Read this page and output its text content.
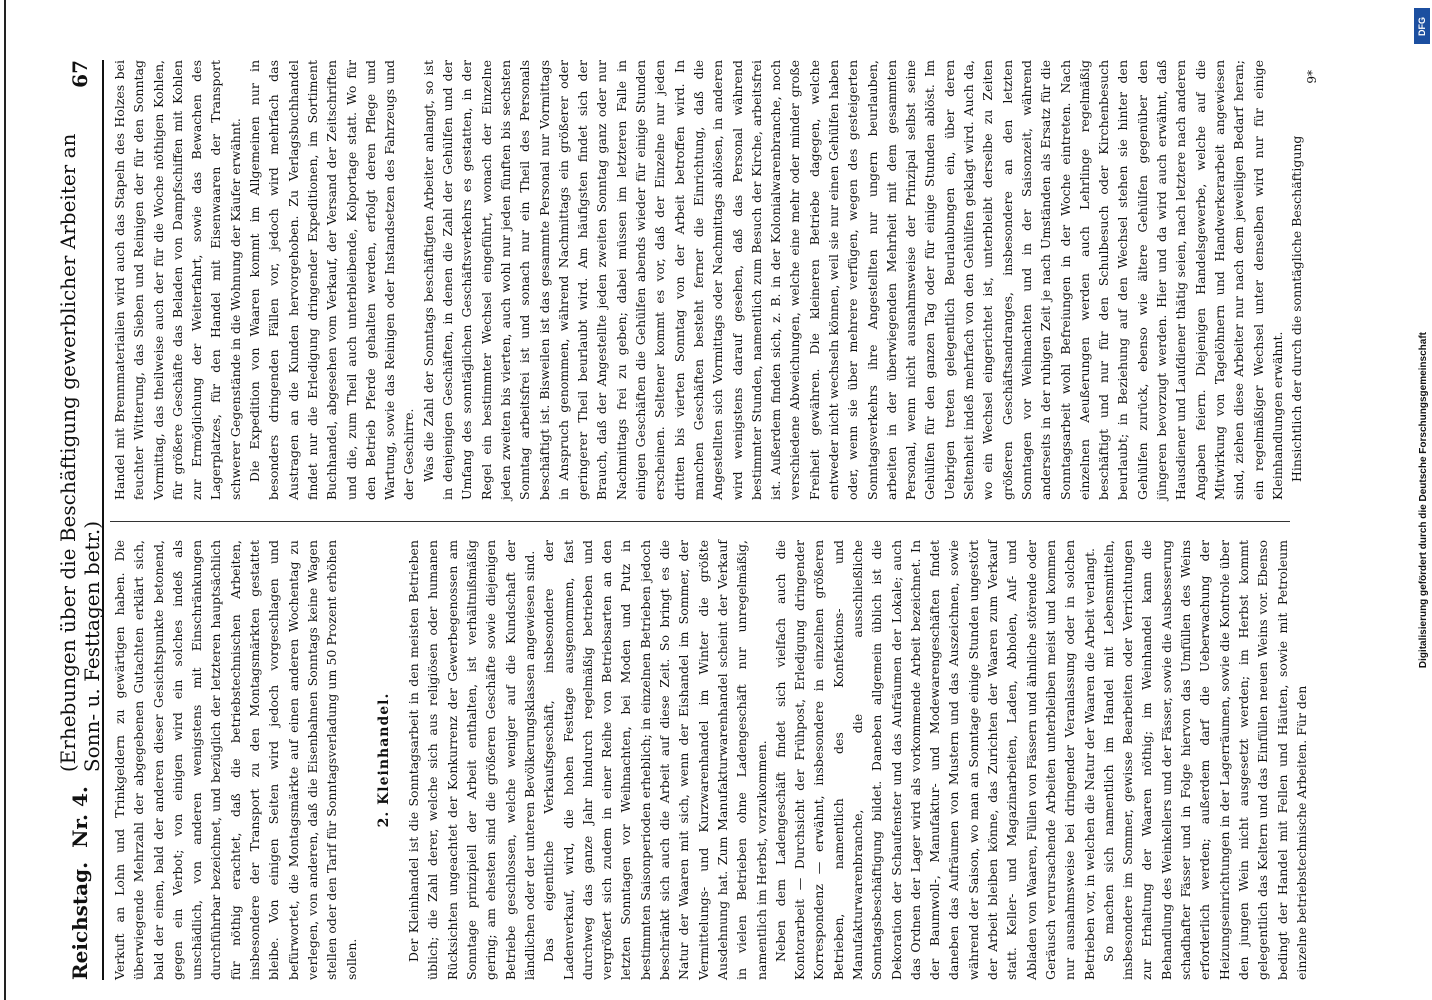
Reichstag.
Nr. 4.
(Erhebungen über die Beschäftigung gewerblicher Arbeiter an Sonn- u. Festtagen betr.)
67

Verkuft an Lohn und Trinkgeldern zu gewärtigen haben. Die überwiegende Mehrzahl der abgegebenen Gutachten erklärt sich, bald der einen, bald der anderen dieser Gesichtspunkte betonend, gegen ein Verbot; von einigen wird ein solches indeß als unschädlich, von anderen wenigstens mit Einschränkungen durchführbar bezeichnet, und bezüglich der letzteren hauptsächlich für nöthig erachtet, daß die betriebstechnischen Arbeiten, insbesondere der Transport zu den Montagsmärkten gestattet bleibe. Von einigen Seiten wird jedoch vorgeschlagen und befürwortet, die Montagsmärkte auf einen anderen Wochentag zu verlegen, von anderen, daß die Eisenbahnen Sonntags keine Wagen stellen oder den Tarif für Sonntagsverladung um 50 Prozent erhöhen sollen.

2. Kleinhandel. Der Kleinhandel ist die Sonntagsarbeit in den meisten Betrieben üblich; die Zahl derer, welche sich aus religiösen oder humanen Rücksichten ungeachtet der Konkurrenz der Gewerbegenossen am Sonntage prinzipiell der Arbeit enthalten, ist verhältnißmäßig gering; am ehesten sind die größeren Geschäfte sowie diejenigen Betriebe geschlossen, welche weniger auf die Kundschaft der ländlichen oder der unteren Bevölkerungsklassen angewiesen sind. Das eigentliche Verkaufsgeschäft, insbesondere der Ladenverkauf, wird, die hohen Festtage ausgenommen, fast durchweg das ganze Jahr hindurch regelmäßig betrieben und vergrößert sich zudem in einer Reihe von Betriebsarten an den letzten Sonntagen vor Weihnachten, bei Moden und Putz in bestimmten Saisonperioden erheblich; in einzelnen Betrieben jedoch beschränkt sich auch die Arbeit auf diese Zeit. So bringt es die Natur der Waaren mit sich, wenn der Eishandel im Sommer, der Vermittelungs- und Kurzwarenhandel im Winter die größte Ausdehnung hat. Zum Manufakturwarenhandel scheint der Verkauf in vielen Betrieben ohne Ladengeschäft nur unregelmäßig, namentlich im Herbst, vorzukommen. Neben dem Ladengeschäft findet sich vielfach auch die Kontorarbeit — Durchsicht der Frühpost, Erledigung dringender Korrespondenz — erwähnt, insbesondere in einzelnen größeren Betrieben, namentlich des Konfektions- und Manufakturwarenbranche, die ausschließliche Sonntagsbeschäftigung bildet. Daneben allgemein üblich ist die Dekoration der Schaufenster und das Aufräumen der Lokale; auch das Ordnen der Lager wird als vorkommende Arbeit bezeichnet. In der Baumwoll-, Manufaktur- und Modewarengeschäften findet daneben das Aufräumen von Mustern und das Auszeichnen, sowie während der Saison, wo man an Sonntage einige Stunden ungestört der Arbeit bleiben könne, das Zurichten der Waaren zum Verkauf statt. Keller- und Magazinarbeiten, Laden, Abholen, Auf- und Abladen von Waaren, Füllen von Fässern und ähnliche störende oder Geräusch verursachende Arbeiten unterbleiben meist und kommen nur ausnahmsweise bei dringender Veranlassung oder in solchen Betrieben vor, in welchen die Natur der Waaren die Arbeit verlangt. So machen sich namentlich im Handel mit Lebensmitteln, insbesondere im Sommer, gewisse Bearbeiten oder Verrichtungen zur Erhaltung der Waaren nöthig; im Weinhandel kann die Behandlung des Weinkellers und der Fässer, sowie die Ausbesserung schadhafter Fässer und in Folge hiervon das Umfüllen des Weins erforderlich werden; außerdem darf die Ueberwachung der Heizungseinrichtungen in der Lagerräumen, sowie die Kontrole über den jungen Wein nicht ausgesetzt werden; im Herbst kommt gelegentlich das Keltern und das Einfüllen neuen Weins vor. Ebenso bedingt der Handel mit Fellen und Häuten, sowie mit Petroleum einzelne betriebstechnische Arbeiten. Für den

Handel mit Brennmaterialien wird auch das Stapeln des Holzes bei feuchter Witterung, das Sieben und Reinigen der für den Sonntag Vormittag, das theilweise auch der für die Woche nöthigen Kohlen, für größere Geschäfte das Beladen von Dampfschiffen mit Kohlen zur Ermöglichung der Weiterfahrt, sowie das Bewachen des Lagerplatzes, für den Handel mit Eisenwaaren der Transport schwerer Gegenstände in die Wohnung der Käufer erwähnt. Die Expedition von Waaren kommt im Allgemeinen nur in besonders dringenden Fällen vor, jedoch wird mehrfach das Austragen an die Kunden hervorgehoben. Zu Verlagsbuchhandel findet nur die Erledigung dringender Expeditionen, im Sortiment Buchhandel, abgesehen vom Verkauf, der Versand der Zeitschriften und die, zum Theil auch unterbleibende, Kolportage statt. Wo für den Betrieb Pferde gehalten werden, erfolgt deren Pflege und Wartung, sowie das Reinigen oder Instandsetzen des Fahrzeugs und der Geschirre. Was die Zahl der Sonntags beschäftigten Arbeiter anlangt, so ist in denjenigen Geschäften, in denen die Zahl der Gehülfen und der Umfang des sonntäglichen Geschäftsverkehrs es gestatten, in der Regel ein bestimmter Wechsel eingeführt, wonach der Einzelne jeden zweiten bis vierten, auch wohl nur jeden fünften bis sechsten Sonntag arbeitsfrei ist und sonach nur ein Theil des Personals beschäftigt ist. Bisweilen ist das gesammte Personal nur Vormittags in Anspruch genommen, während Nachmittags ein größerer oder geringerer Theil beurlaubt wird. Am häufigsten findet sich der Brauch, daß der Angestellte jeden zweiten Sonntag ganz oder nur Nachmittags frei zu geben; dabei müssen im letzteren Falle in einigen Geschäften die Gehülfen abends wieder für einige Stunden erscheinen. Seltener kommt es vor, daß der Einzelne nur jeden dritten bis vierten Sonntag von der Arbeit betroffen wird. In manchen Geschäften besteht ferner die Einrichtung, daß die Angestellten sich Vormittags oder Nachmittags ablösen, in anderen wird wenigstens darauf gesehen, daß das Personal während bestimmter Stunden, namentlich zum Besuch der Kirche, arbeitsfrei ist. Außerdem finden sich, z. B. in der Kolonialwarenbranche, noch verschiedene Abweichungen, welche eine mehr oder minder große Freiheit gewähren. Die kleineren Betriebe dagegen, welche entweder nicht wechseln können, weil sie nur einen Gehülfen haben oder, wenn sie über mehrere verfügen, wegen des gesteigerten Sonntagsverkehrs ihre Angestellten nur ungern beurlauben, arbeiten in der überwiegenden Mehrheit mit dem gesammten Personal, wenn nicht ausnahmsweise der Prinzipal selbst seine Gehülfen für den ganzen Tag oder für einige Stunden ablöst. Im Uebrigen treten gelegentlich Beurlaubungen ein, über deren Seltenheit indeß mehrfach von den Gehülfen geklagt wird. Auch da, wo ein Wechsel eingerichtet ist, unterbleibt derselbe zu Zeiten größeren Geschäftsandranges, insbesondere an den letzten Sonntagen vor Weihnachten und in der Saisonzeit, während anderseits in der ruhigen Zeit je nach Umständen als Ersatz für die Sonntagsarbeit wohl Befreiungen in der Woche eintreten. Nach einzelnen Aeußerungen werden auch Lehrlinge regelmäßig beschäftigt und nur für den Schulbesuch oder Kirchenbesuch beurlaubt; in Beziehung auf den Wechsel stehen sie hinter den Gehülfen zurück, ebenso wie ältere Gehülfen gegenüber den jüngeren bevorzugt werden. Hier und da wird auch erwähnt, daß Hausdiener und Laufdiener thätig seien, nach letztere nach anderen Angaben feiern. Diejenigen Handelsgewerbe, welche auf die Mitwirkung von Tagelöhnern und Handwerkerarbeit angewiesen sind, ziehen diese Arbeiter nur nach dem jeweiligen Bedarf heran; ein regelmäßiger Wechsel unter denselben wird nur für einige Kleinhandlungen erwähnt. Hinsichtlich der durch die sonntägliche Beschäftigung

9*
Digitalisierung gefördert durch die Deutsche Forschungsgemeinschaft
DFG
